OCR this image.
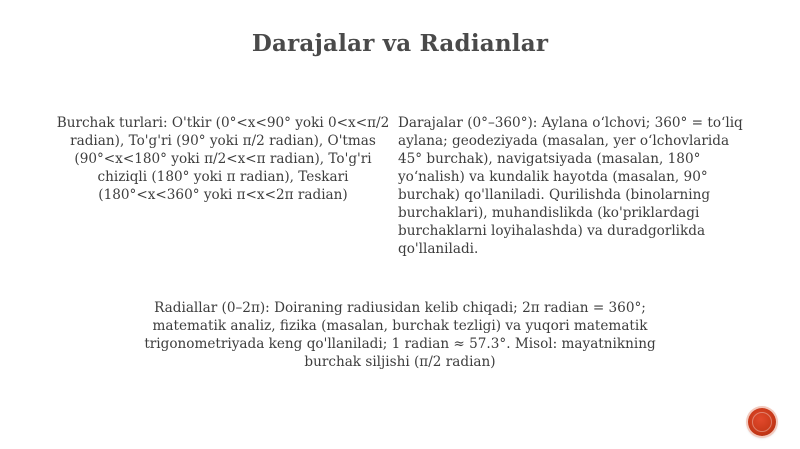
Darajalar va Radianlar
Burchak turlari: O'tkir (0°<x<90° yoki 0<x<π/2 radian), To'g'ri (90° yoki π/2 radian), O'tmas (90°<x<180° yoki π/2<x<π radian), To'g'ri chiziqli (180° yoki π radian), Teskari (180°<x<360° yoki π<x<2π radian)
Darajalar (0°–360°): Aylana oʻlchovi; 360° = toʻliq aylana; geodeziyada (masalan, yer oʻlchovlarida 45° burchak), navigatsiyada (masalan, 180° yoʻnalish) va kundalik hayotda (masalan, 90° burchak) qo'llaniladi. Qurilishda (binolarning burchaklari), muhandislikda (ko'priklardagi burchaklarni loyihalashda) va duradgorlikda qo'llaniladi.
Radiallar (0–2π): Doiraning radiusidan kelib chiqadi; 2π radian = 360°; matematik analiz, fizika (masalan, burchak tezligi) va yuqori matematik trigonometriyada keng qo'llaniladi; 1 radian ≈ 57.3°. Misol: mayatnikning burchak siljishi (π/2 radian)
